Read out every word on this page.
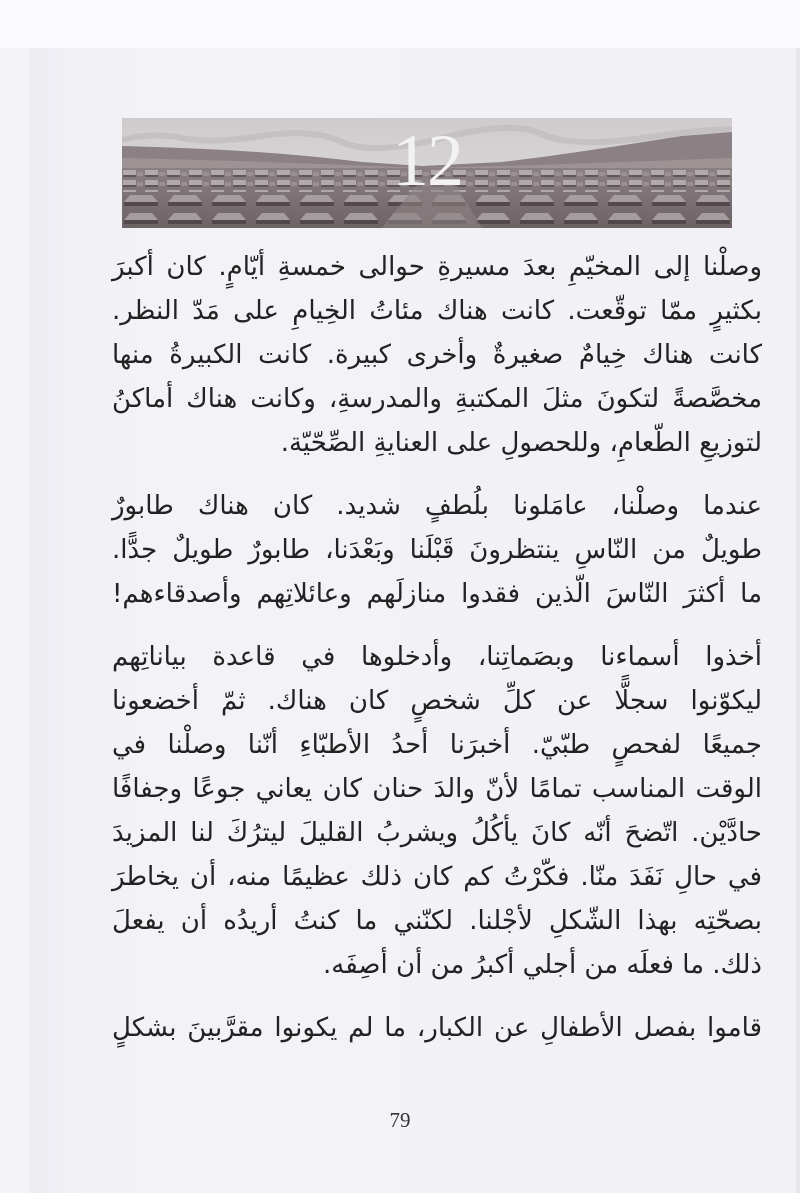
12

وصلْنا إلى المخيّمِ بعدَ مسيرةِ حوالى خمسةِ أيّامٍ. كان أكبرَ
بكثيرٍ ممّا توقّعت. كانت هناك مئاتُ الخِيامِ على مَدّ النظر.
كانت هناك خِيامٌ صغيرةٌ وأخرى كبيرة. كانت الكبيرةُ منها
مخصَّصةً لتكونَ مثلَ المكتبةِ والمدرسةِ، وكانت هناك أماكنُ
لتوزيعِ الطّعامِ، وللحصولِ على العنايةِ الصِّحّيّة.

عندما وصلْنا، عامَلونا بلُطفٍ شديد. كان هناك طابورٌ
طويلٌ من النّاسِ ينتظرونَ قَبْلَنا وبَعْدَنا، طابورٌ طويلٌ جدًّا.
ما أكثرَ النّاسَ الّذين فقدوا منازلَهم وعائلاتِهم وأصدقاءهم!

أخذوا أسماءنا وبصَماتِنا، وأدخلوها في قاعدة بياناتِهم
ليكوّنوا سجلًّا عن كلِّ شخصٍ كان هناك. ثمّ أخضعونا
جميعًا لفحصٍ طبّيّ. أخبرَنا أحدُ الأطبّاءِ أنّنا وصلْنا في
الوقت المناسب تمامًا لأنّ والدَ حنان كان يعاني جوعًا وجفافًا
حادَّيْن. اتّضحَ أنّه كانَ يأكُلُ ويشربُ القليلَ ليترُكَ لنا المزيدَ
في حالِ نَفَدَ منّا. فكّرْتُ كم كان ذلك عظيمًا منه، أن يخاطرَ
بصحّتِه بهذا الشّكلِ لأجْلنا. لكنّني ما كنتُ أريدُه أن يفعلَ
ذلك. ما فعلَه من أجلي أكبرُ من أن أصِفَه.

قاموا بفصل الأطفالِ عن الكبار، ما لم يكونوا مقرَّبينَ بشكلٍ

79
